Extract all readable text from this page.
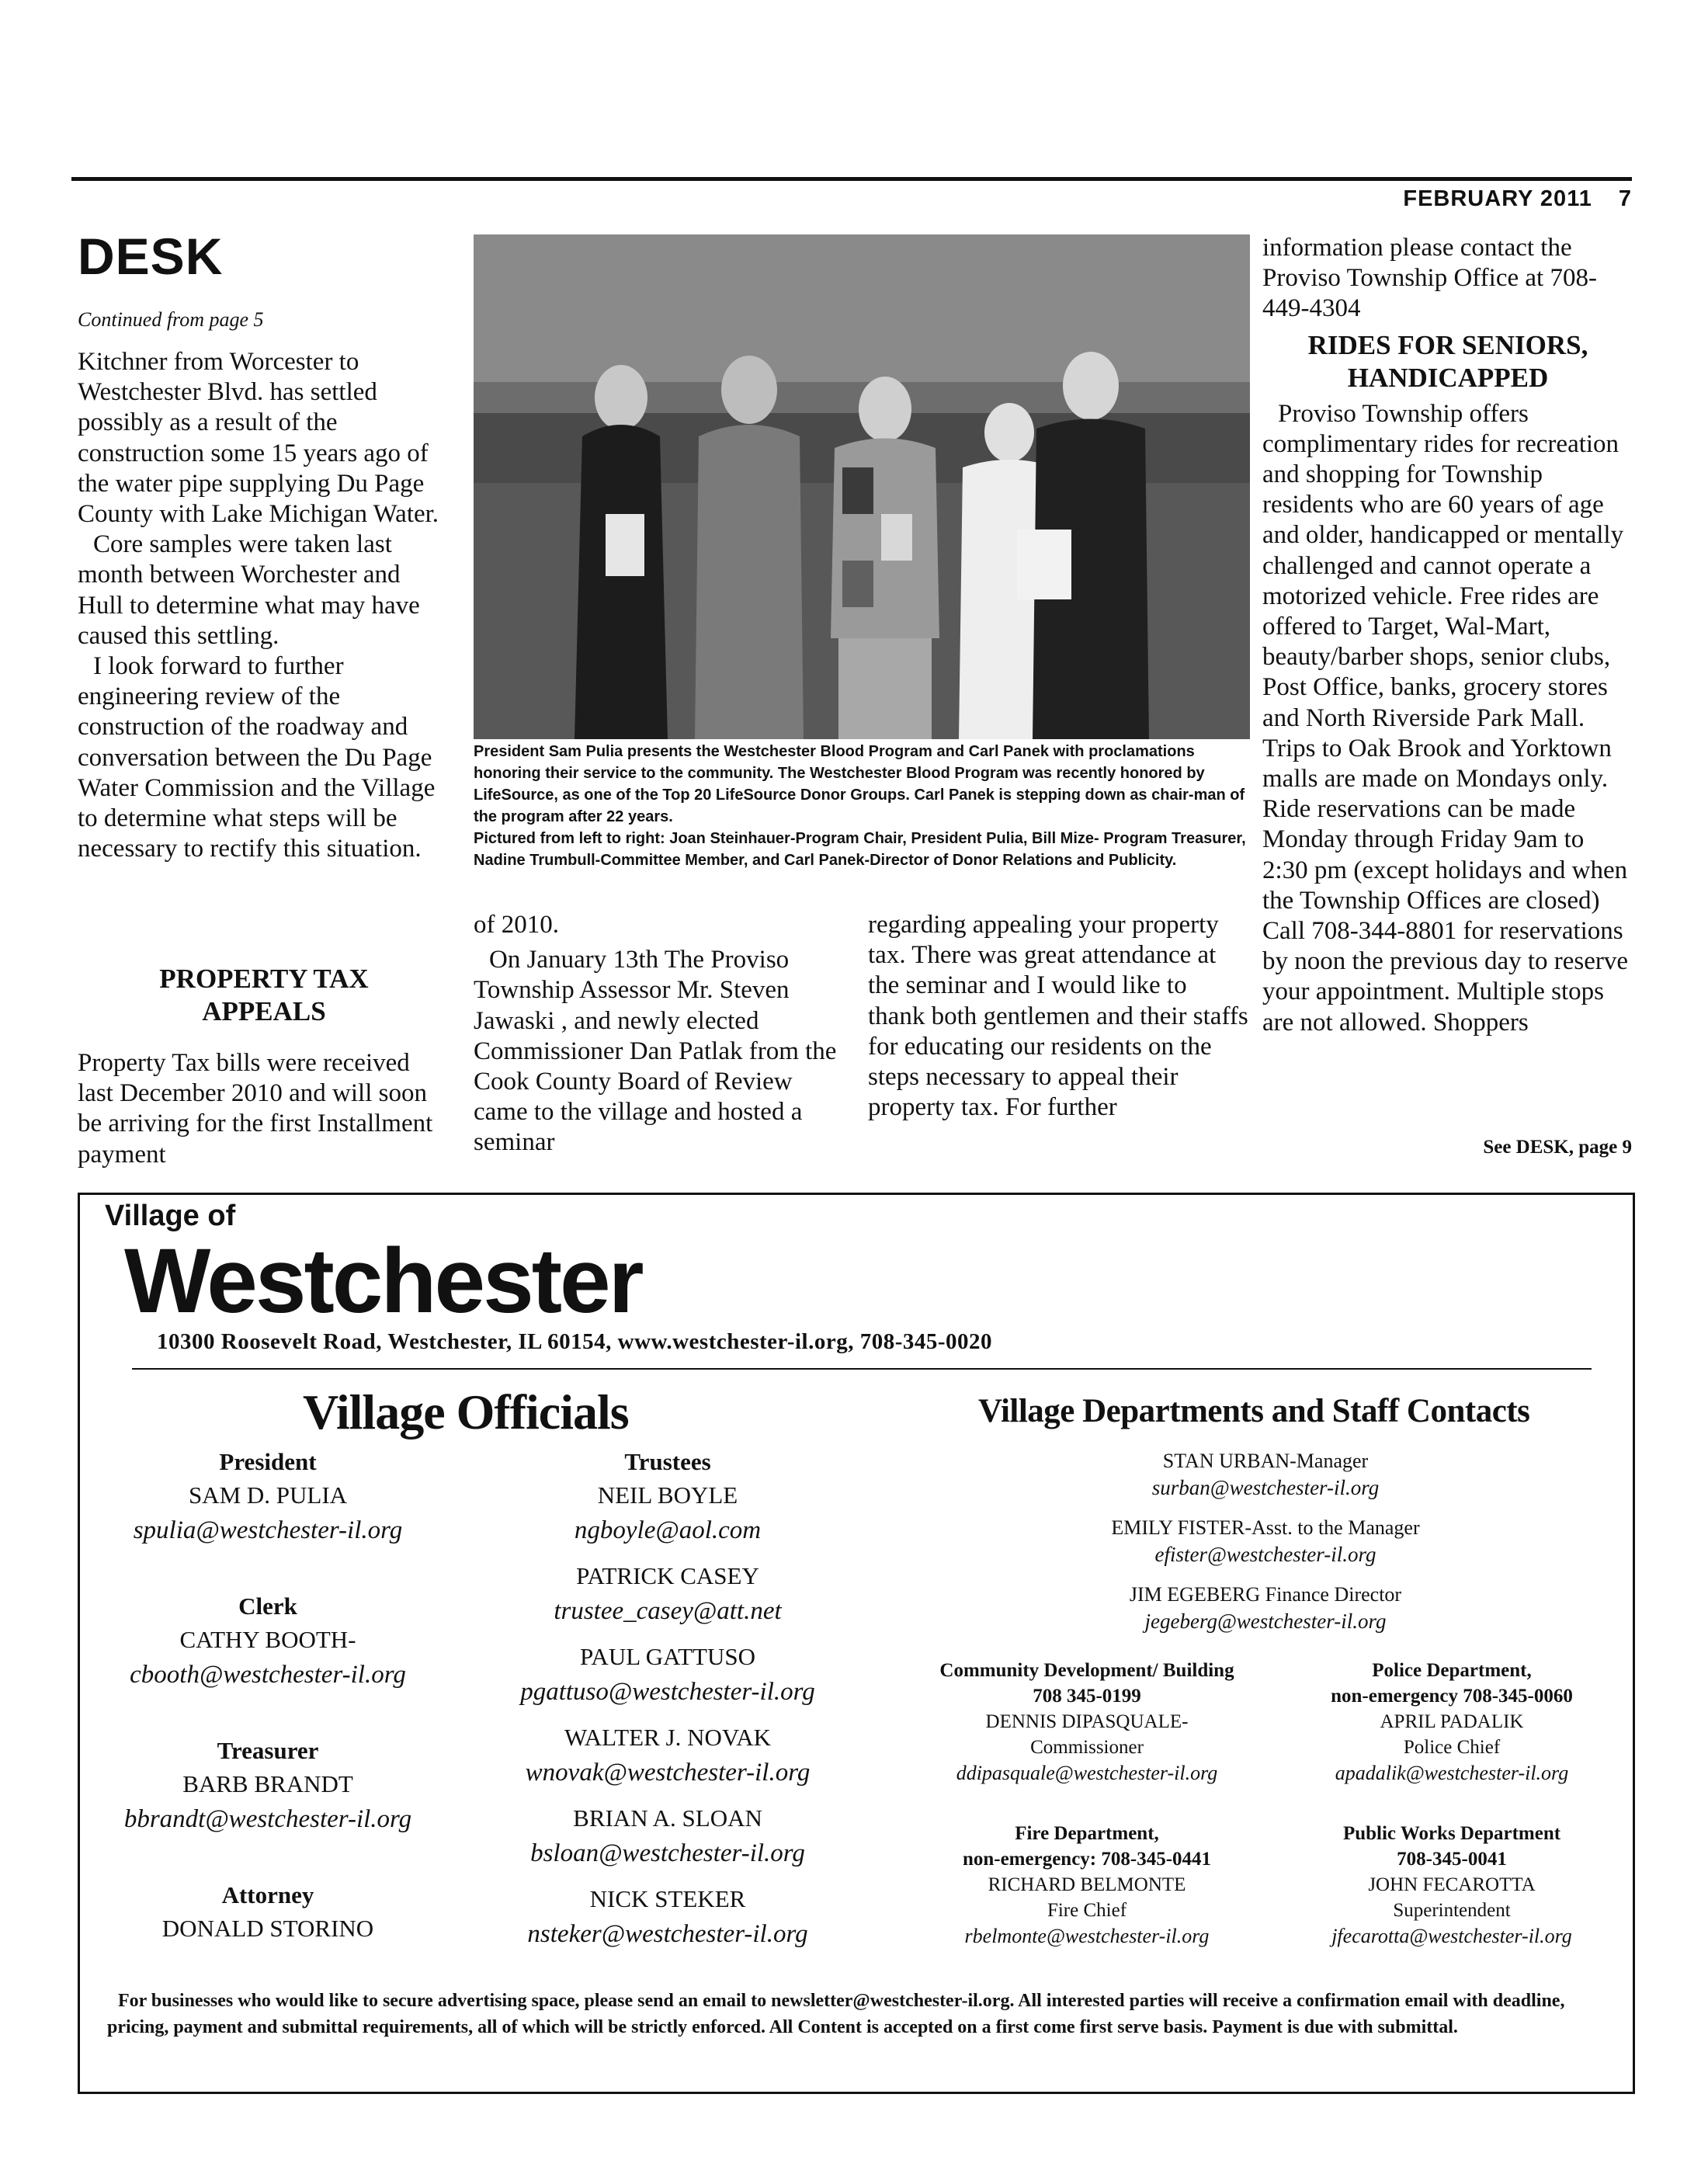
FEBRUARY 2011 7
DESK
Continued from page 5

Kitchner from Worcester to Westchester Blvd. has settled possibly as a result of the construction some 15 years ago of the water pipe supplying Du Page County with Lake Michigan Water.

Core samples were taken last month between Worchester and Hull to determine what may have caused this settling.

I look forward to further engineering review of the construction of the roadway and conversation between the Du Page Water Commission and the Village to determine what steps will be necessary to rectify this situation.

PROPERTY TAX APPEALS
Property Tax bills were received last December 2010 and will soon be arriving for the first Installment payment
President Sam Pulia presents the Westchester Blood Program and Carl Panek with proclamations honoring their service to the community. The Westchester Blood Program was recently honored by LifeSource, as one of the Top 20 LifeSource Donor Groups. Carl Panek is stepping down as chair-man of the program after 22 years.
Pictured from left to right: Joan Steinhauer-Program Chair, President Pulia, Bill Mize- Program Treasurer, Nadine Trumbull-Committee Member, and Carl Panek-Director of Donor Relations and Publicity.

of 2010.

On January 13th The Proviso Township Assessor Mr. Steven Jawaski , and newly elected Commissioner Dan Patlak from the Cook County Board of Review came to the village and hosted a seminar

regarding appealing your property tax. There was great attendance at the seminar and I would like to thank both gentlemen and their staffs for educating our residents on the steps necessary to appeal their property tax. For further

information please contact the Proviso Township Office at 708-449-4304

RIDES FOR SENIORS, HANDICAPPED

Proviso Township offers complimentary rides for recreation and shopping for Township residents who are 60 years of age and older, handicapped or mentally challenged and cannot operate a motorized vehicle. Free rides are offered to Target, Wal-Mart, beauty/barber shops, senior clubs, Post Office, banks, grocery stores and North Riverside Park Mall. Trips to Oak Brook and Yorktown malls are made on Mondays only. Ride reservations can be made Monday through Friday 9am to 2:30 pm (except holidays and when the Township Offices are closed) Call 708-344-8801 for reservations by noon the previous day to reserve your appointment. Multiple stops are not allowed. Shoppers

See DESK, page 9
Village of
Westchester
10300 Roosevelt Road, Westchester, IL 60154, www.westchester-il.org, 708-345-0020
Village Officials	Village Departments and Staff Contacts
President
SAM D. PULIA
spulia@westchester-il.org
Clerk
CATHY BOOTH-
cbooth@westchester-il.org
Treasurer
BARB BRANDT
bbrandt@westchester-il.org
Attorney
DONALD STORINO
Trustees
NEIL BOYLE
ngboyle@aol.com
PATRICK CASEY
trustee_casey@att.net
PAUL GATTUSO
pgattuso@westchester-il.org
WALTER J. NOVAK
wnovak@westchester-il.org
BRIAN A. SLOAN
bsloan@westchester-il.org
NICK STEKER
nsteker@westchester-il.org
STAN URBAN-Manager
surban@westchester-il.org
EMILY FISTER-Asst. to the Manager
efister@westchester-il.org
JIM EGEBERG Finance Director
jegeberg@westchester-il.org
Community Development/ Building
708 345-0199
DENNIS DIPASQUALE-
Commissioner
ddipasquale@westchester-il.org
Police Department,
non-emergency 708-345-0060
APRIL PADALIK
Police Chief
apadalik@westchester-il.org
Fire Department,
non-emergency: 708-345-0441
RICHARD BELMONTE
Fire Chief
rbelmonte@westchester-il.org
Public Works Department
708-345-0041
JOHN FECAROTTA
Superintendent
jfecarotta@westchester-il.org
For businesses who would like to secure advertising space, please send an email to newsletter@westchester-il.org. All interested parties will receive a confirmation email with deadline, pricing, payment and submittal requirements, all of which will be strictly enforced. All Content is accepted on a first come first serve basis. Payment is due with submittal.
